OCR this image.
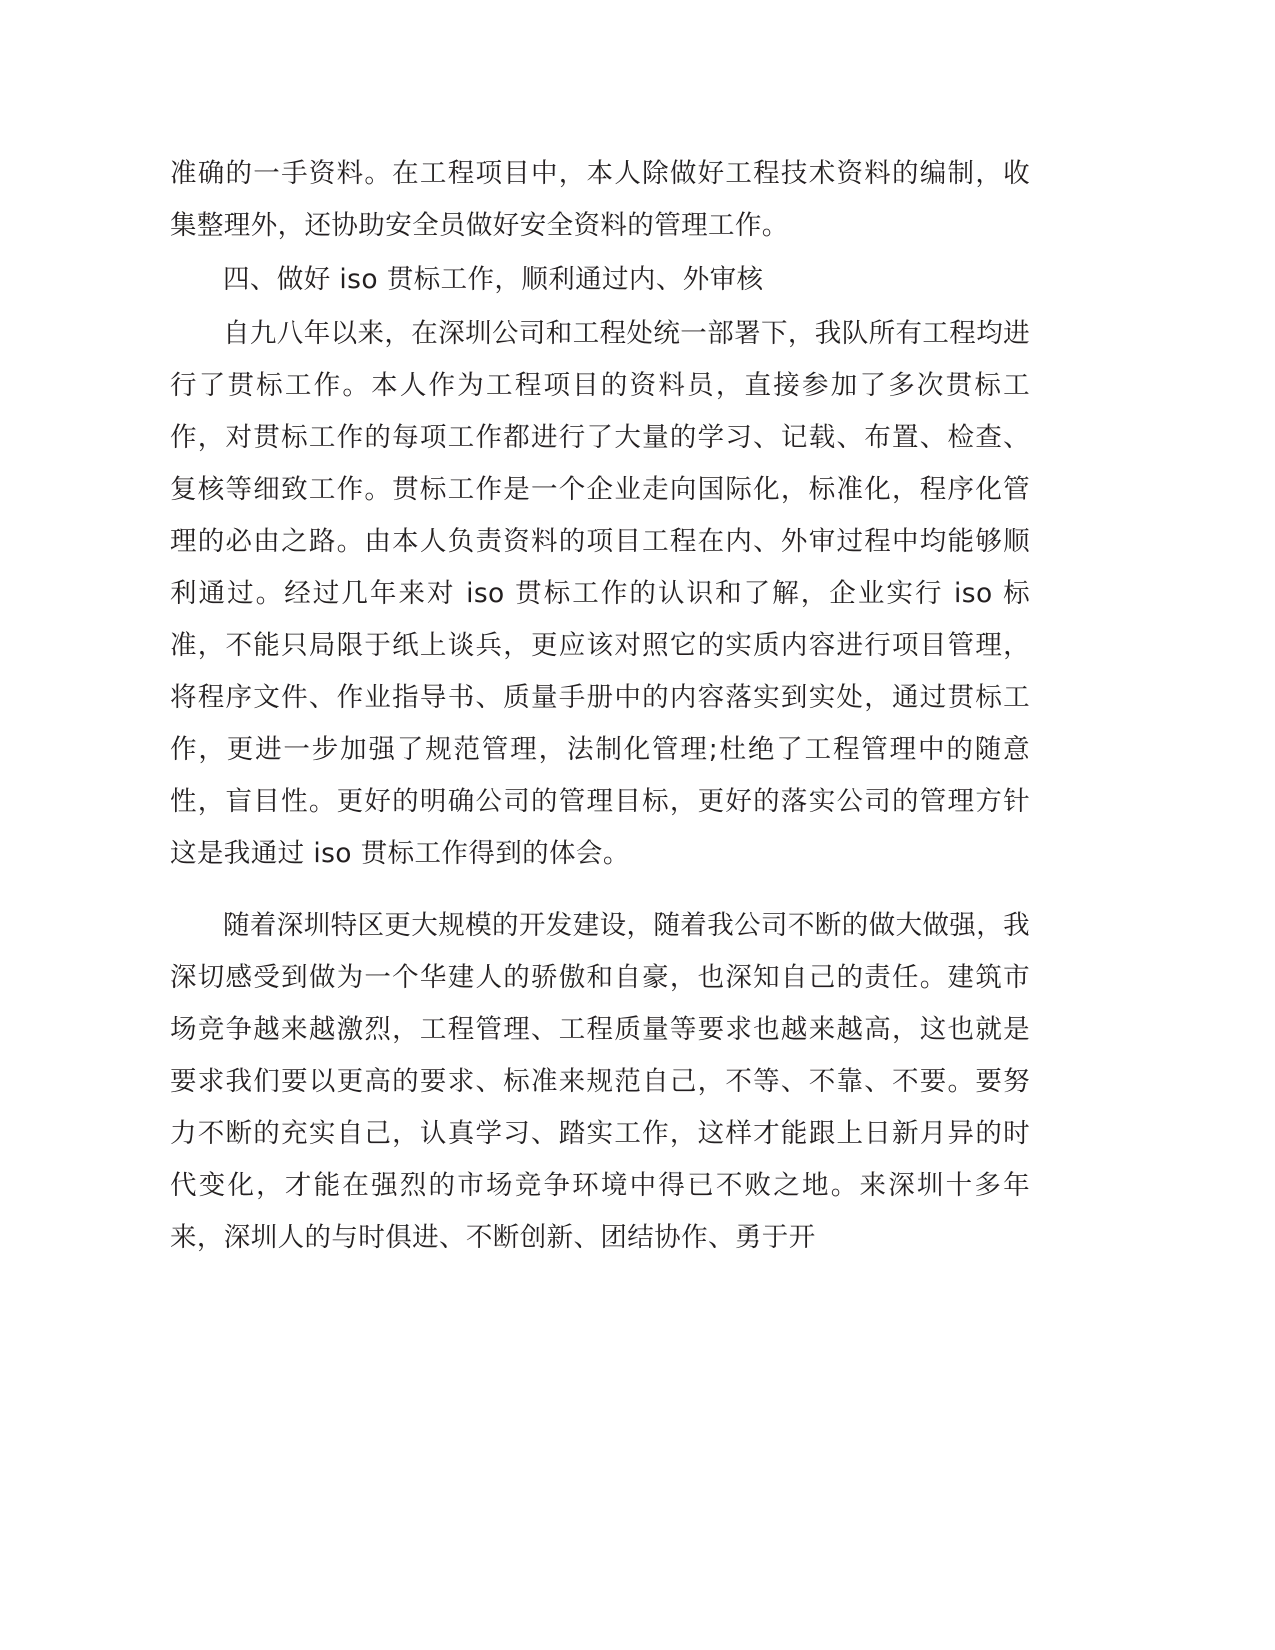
准确的一手资料。在工程项目中，本人除做好工程技术资料的编制，收集整理外，还协助安全员做好安全资料的管理工作。

四、做好 iso 贯标工作，顺利通过内、外审核

自九八年以来，在深圳公司和工程处统一部署下，我队所有工程均进行了贯标工作。本人作为工程项目的资料员，直接参加了多次贯标工作，对贯标工作的每项工作都进行了大量的学习、记载、布置、检查、复核等细致工作。贯标工作是一个企业走向国际化，标准化，程序化管理的必由之路。由本人负责资料的项目工程在内、外审过程中均能够顺利通过。经过几年来对 iso 贯标工作的认识和了解，企业实行 iso 标准，不能只局限于纸上谈兵，更应该对照它的实质内容进行项目管理，将程序文件、作业指导书、质量手册中的内容落实到实处，通过贯标工作，更进一步加强了规范管理，法制化管理;杜绝了工程管理中的随意性，盲目性。更好的明确公司的管理目标，更好的落实公司的管理方针这是我通过 iso 贯标工作得到的体会。

随着深圳特区更大规模的开发建设，随着我公司不断的做大做强，我深切感受到做为一个华建人的骄傲和自豪，也深知自己的责任。建筑市场竞争越来越激烈，工程管理、工程质量等要求也越来越高，这也就是要求我们要以更高的要求、标准来规范自己，不等、不靠、不要。要努力不断的充实自己，认真学习、踏实工作，这样才能跟上日新月异的时代变化，才能在强烈的市场竞争环境中得已不败之地。来深圳十多年来，深圳人的与时俱进、不断创新、团结协作、勇于开
